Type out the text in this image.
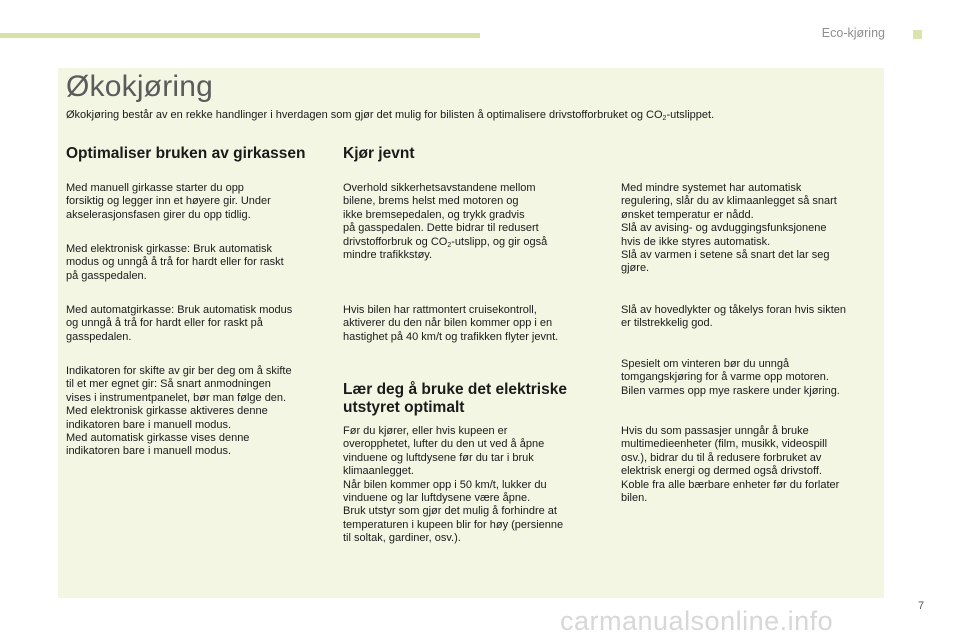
Eco-kjøring
Økokjøring
Økokjøring består av en rekke handlinger i hverdagen som gjør det mulig for bilisten å optimalisere drivstofforbruket og $CO_2$-utslippet.
Optimaliser bruken av girkassen
Med manuell girkasse starter du opp
forsiktig og legger inn et høyere gir. Under
akselerasjonsfasen girer du opp tidlig.
Med elektronisk girkasse: Bruk automatisk
modus og unngå å trå for hardt eller for raskt
på gasspedalen.
Med automatgirkasse: Bruk automatisk modus
og unngå å trå for hardt eller for raskt på
gasspedalen.
Indikatoren for skifte av gir ber deg om å skifte
til et mer egnet gir: Så snart anmodningen
vises i instrumentpanelet, bør man følge den.
Med elektronisk girkasse aktiveres denne
indikatoren bare i manuell modus.
Med automatisk girkasse vises denne
indikatoren bare i manuell modus.
Kjør jevnt
Overhold sikkerhetsavstandene mellom
bilene, brems helst med motoren og
ikke bremsepedalen, og trykk gradvis
på gasspedalen. Dette bidrar til redusert
drivstofforbruk og $CO_2$-utslipp, og gir også
mindre trafikkstøy.
Hvis bilen har rattmontert cruisekontroll,
aktiverer du den når bilen kommer opp i en
hastighet på 40 km/t og trafikken flyter jevnt.
Lær deg å bruke det elektriske
utstyret optimalt
Før du kjører, eller hvis kupeen er
overopphetet, lufter du den ut ved å åpne
vinduene og luftdysene før du tar i bruk
klimaanlegget.
Når bilen kommer opp i 50 km/t, lukker du
vinduene og lar luftdysene være åpne.
Bruk utstyr som gjør det mulig å forhindre at
temperaturen i kupeen blir for høy (persienne
til soltak, gardiner, osv.).
Med mindre systemet har automatisk
regulering, slår du av klimaanlegget så snart
ønsket temperatur er nådd.
Slå av avising- og avduggingsfunksjonene
hvis de ikke styres automatisk.
Slå av varmen i setene så snart det lar seg
gjøre.
Slå av hovedlykter og tåkelys foran hvis sikten
er tilstrekkelig god.
Spesielt om vinteren bør du unngå
tomgangskjøring for å varme opp motoren.
Bilen varmes opp mye raskere under kjøring.
Hvis du som passasjer unngår å bruke
multimedieenheter (film, musikk, videospill
osv.), bidrar du til å redusere forbruket av
elektrisk energi og dermed også drivstoff.
Koble fra alle bærbare enheter før du forlater
bilen.
7
carmanualsonline.info
